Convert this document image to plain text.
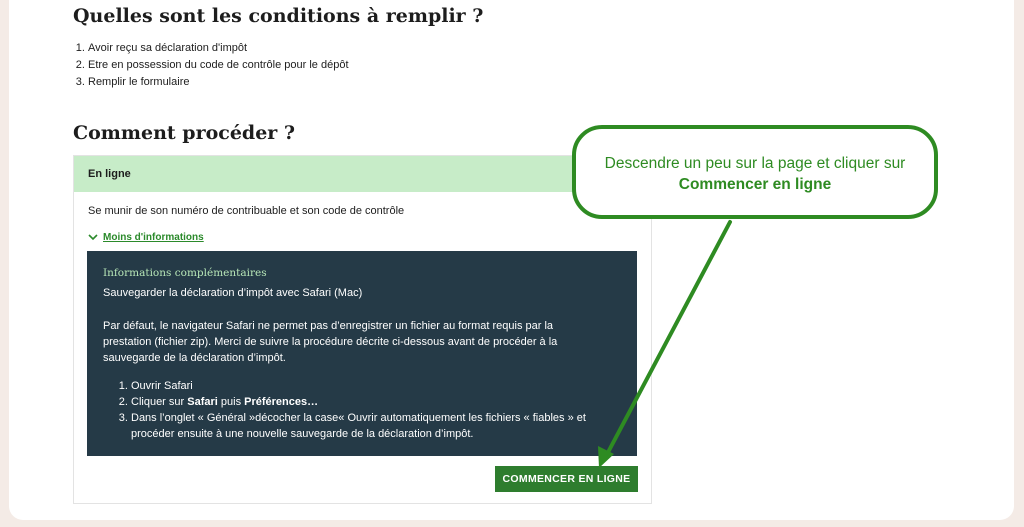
Quelles sont les conditions à remplir ?
1. Avoir reçu sa déclaration d'impôt
2. Etre en possession du code de contrôle pour le dépôt
3. Remplir le formulaire
Comment procéder ?
En ligne
Se munir de son numéro de contribuable et son code de contrôle
Moins d'informations

Informations complémentaires

Sauvegarder la déclaration d’impôt avec Safari (Mac)

Par défaut, le navigateur Safari ne permet pas d’enregistrer un fichier au format requis par la prestation (fichier zip). Merci de suivre la procédure décrite ci-dessous avant de procéder à la sauvegarde de la déclaration d’impôt.

1. Ouvrir Safari
2. Cliquer sur Safari puis Préférences…
3. Dans l’onglet « Général »décocher la case« Ouvrir automatiquement les fichiers « fiables » et procéder ensuite à une nouvelle sauvegarde de la déclaration d’impôt.
COMMENCER EN LIGNE
Descendre un peu sur la page et cliquer sur
Commencer en ligne
